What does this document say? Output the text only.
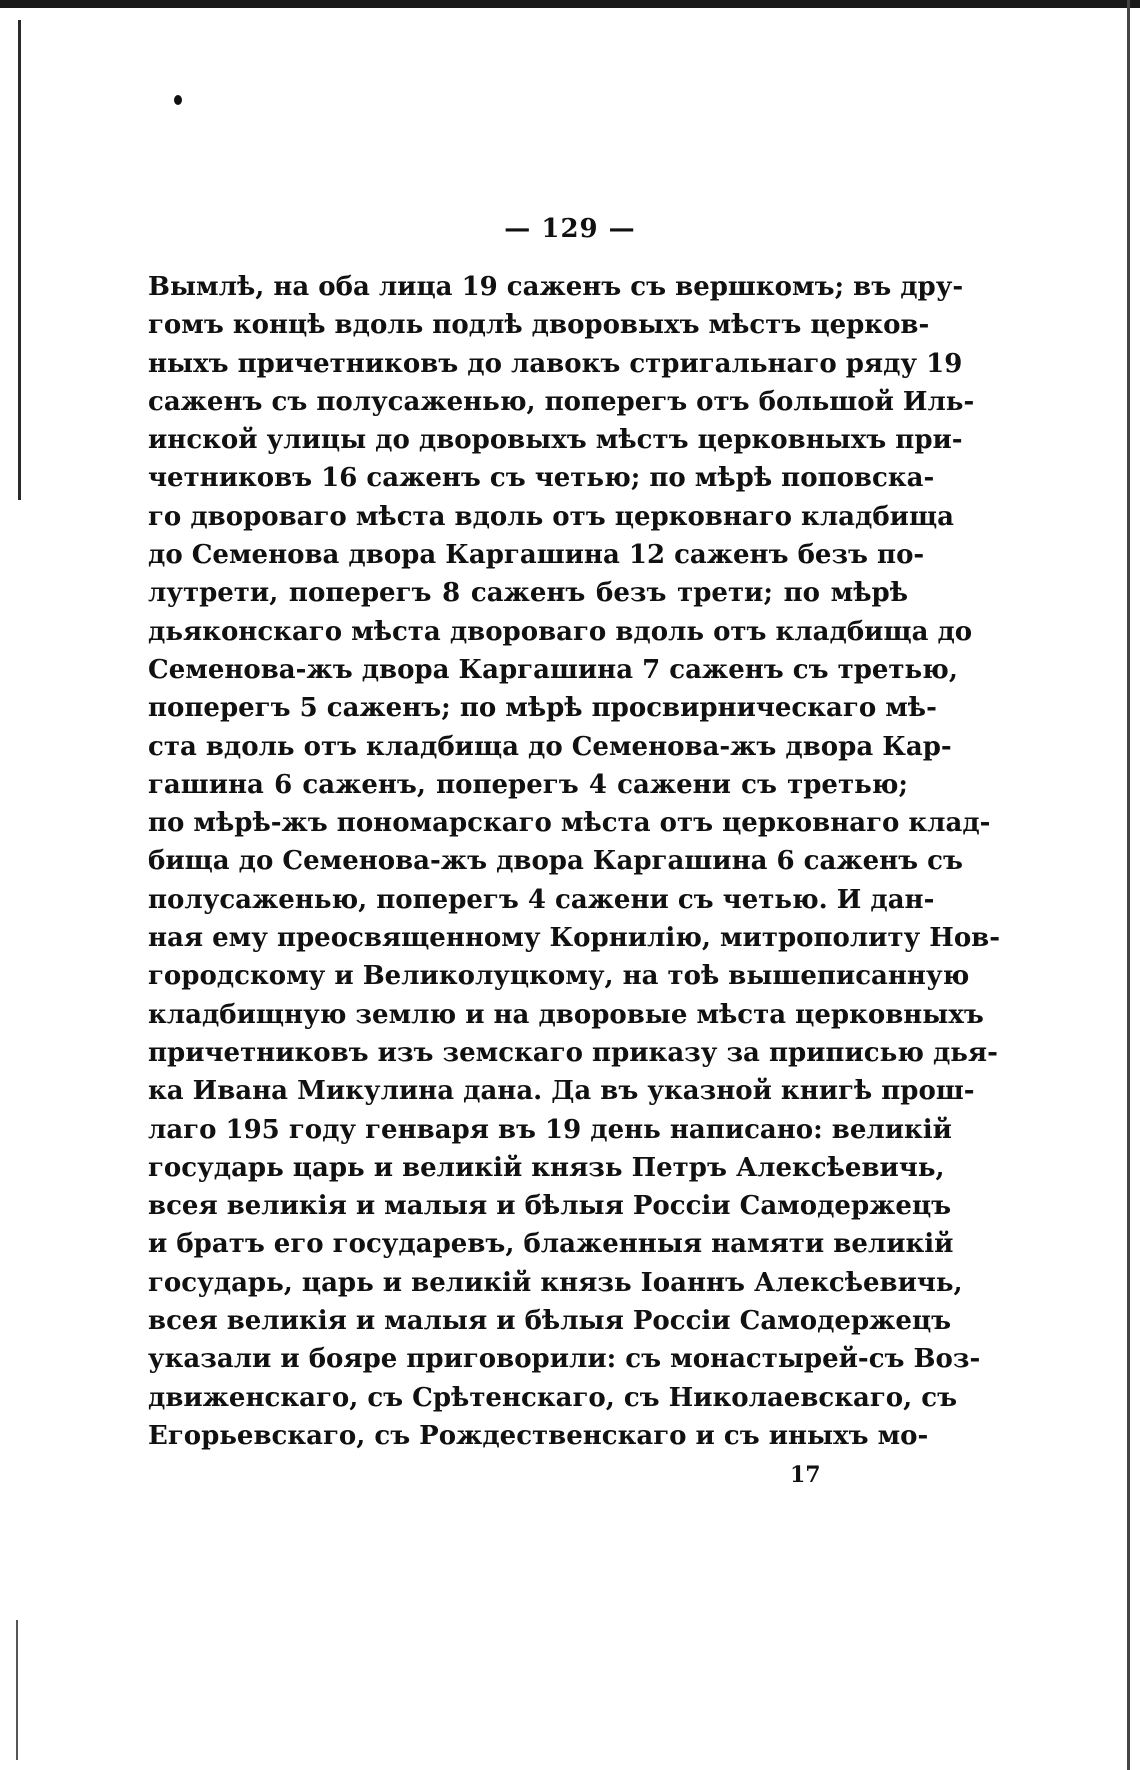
— 129 —
Вымлѣ, на оба лица 19 саженъ съ вершкомъ; въ дру-
гомъ концѣ вдоль подлѣ дворовыхъ мѣстъ церков-
ныхъ причетниковъ до лавокъ стригальнаго ряду 19
саженъ съ полусаженью, поперегъ отъ большой Иль-
инской улицы до дворовыхъ мѣстъ церковныхъ при-
четниковъ 16 саженъ съ четью; по мѣрѣ поповска-
го двороваго мѣста вдоль отъ церковнаго кладбища
до Семенова двора Каргашина 12 саженъ безъ по-
лутрети, поперегъ 8 саженъ безъ трети; по мѣрѣ
дьяконскаго мѣста двороваго вдоль отъ кладбища до
Семенова-жъ двора Каргашина 7 саженъ съ третью,
поперегъ 5 саженъ; по мѣрѣ просвирническаго мѣ-
ста вдоль отъ кладбища до Семенова-жъ двора Кар-
гашина 6 саженъ, поперегъ 4 сажени съ третью;
по мѣрѣ-жъ пономарскаго мѣста отъ церковнаго клад-
бища до Семенова-жъ двора Каргашина 6 саженъ съ
полусаженью, поперегъ 4 сажени съ четью. И дан-
ная ему преосвященному Корнилію, митрополиту Нов-
городскому и Великолуцкому, на тоѣ вышеписанную
кладбищную землю и на дворовые мѣста церковныхъ
причетниковъ изъ земскаго приказу за приписью дья-
ка Ивана Микулина дана. Да въ указной книгѣ прош-
лаго 195 году генваря въ 19 день написано: великій
государь царь и великій князь Петръ Алексѣевичь,
всея великія и малыя и бѣлыя Россіи Самодержецъ
и братъ его государевъ, блаженныя намяти великій
государь, царь и великій князь Іоаннъ Алексѣевичь,
всея великія и малыя и бѣлыя Россіи Самодержецъ
указали и бояре приговорили: съ монастырей-съ Воз-
движенскаго, съ Срѣтенскаго, съ Николаевскаго, съ
Егорьевскаго, съ Рождественскаго и съ иныхъ мо-
17
